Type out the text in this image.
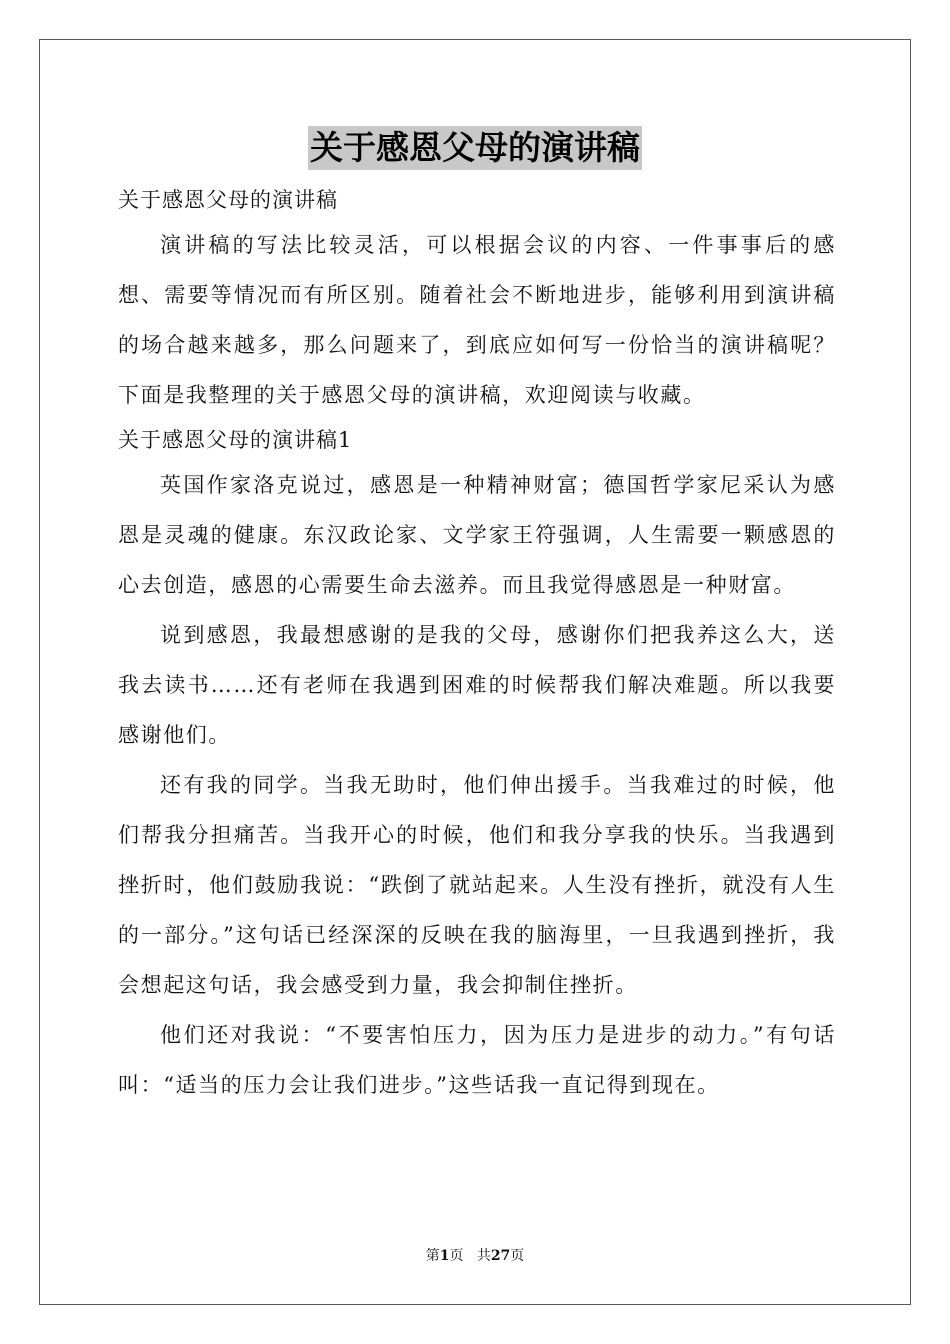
关于感恩父母的演讲稿

关于感恩父母的演讲稿

演讲稿的写法比较灵活，可以根据会议的内容、一件事事后的感想、需要等情况而有所区别。随着社会不断地进步，能够利用到演讲稿的场合越来越多，那么问题来了，到底应如何写一份恰当的演讲稿呢？下面是我整理的关于感恩父母的演讲稿，欢迎阅读与收藏。

关于感恩父母的演讲稿1

英国作家洛克说过，感恩是一种精神财富；德国哲学家尼采认为感恩是灵魂的健康。东汉政论家、文学家王符强调，人生需要一颗感恩的心去创造，感恩的心需要生命去滋养。而且我觉得感恩是一种财富。

说到感恩，我最想感谢的是我的父母，感谢你们把我养这么大，送我去读书……还有老师在我遇到困难的时候帮我们解决难题。所以我要感谢他们。

还有我的同学。当我无助时，他们伸出援手。当我难过的时候，他们帮我分担痛苦。当我开心的时候，他们和我分享我的快乐。当我遇到挫折时，他们鼓励我说：“跌倒了就站起来。人生没有挫折，就没有人生的一部分。”这句话已经深深的反映在我的脑海里，一旦我遇到挫折，我会想起这句话，我会感受到力量，我会抑制住挫折。

他们还对我说：“不要害怕压力，因为压力是进步的动力。”有句话叫：“适当的压力会让我们进步。”这些话我一直记得到现在。

第1页 共27页
